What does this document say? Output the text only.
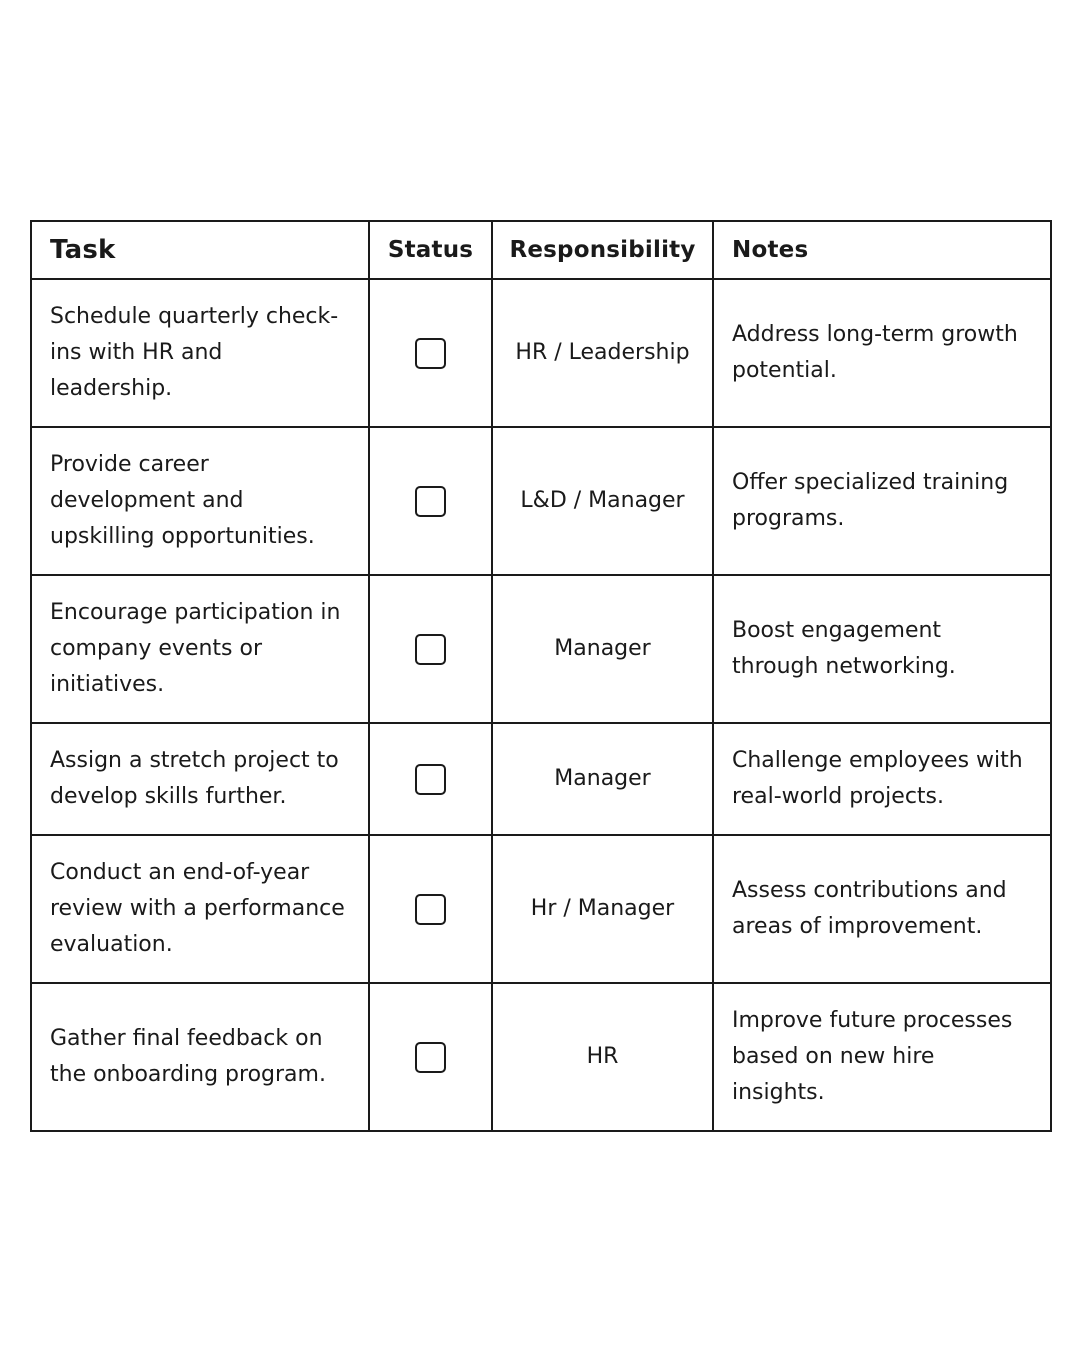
Task	Status	Responsibility	Notes
Schedule quarterly check-ins with HR and leadership.		HR / Leadership	Address long-term growth potential.
Provide career development and upskilling opportunities.		L&D / Manager	Offer specialized training programs.
Encourage participation in company events or initiatives.		Manager	Boost engagement through networking.
Assign a stretch project to develop skills further.		Manager	Challenge employees with real-world projects.
Conduct an end-of-year review with a performance evaluation.		Hr / Manager	Assess contributions and areas of improvement.
Gather final feedback on the onboarding program.		HR	Improve future processes based on new hire insights.
